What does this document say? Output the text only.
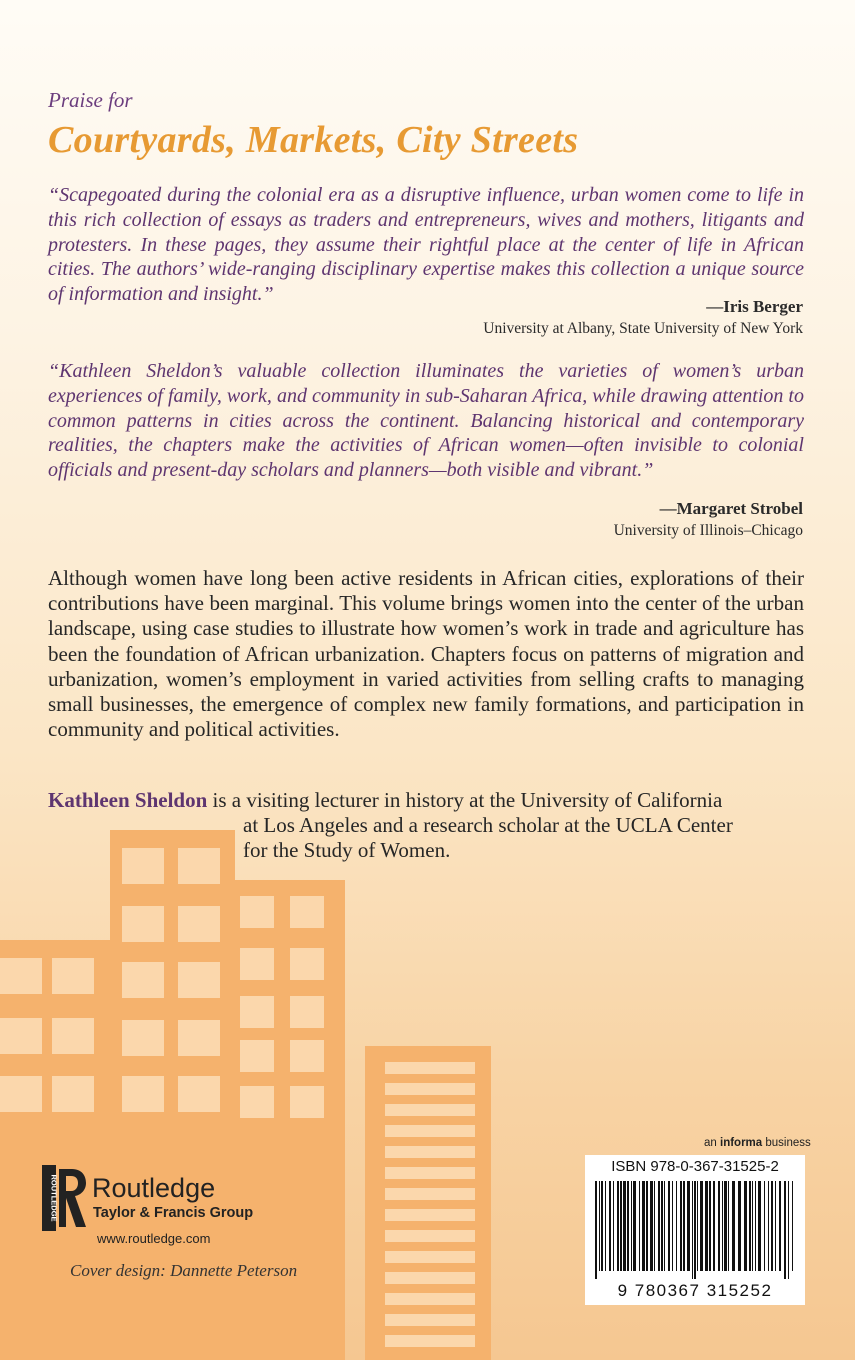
Praise for

Courtyards, Markets, City Streets

“Scapegoated during the colonial era as a disruptive influence, urban women come to life in this rich collection of essays as traders and entrepreneurs, wives and mothers, litigants and protesters. In these pages, they assume their rightful place at the center of life in African cities. The authors’ wide-ranging disciplinary expertise makes this collection a unique source of information and insight.”

—Iris Berger
University at Albany, State University of New York

“Kathleen Sheldon’s valuable collection illuminates the varieties of women’s urban experiences of family, work, and community in sub-Saharan Africa, while drawing attention to common patterns in cities across the continent. Balancing historical and contemporary realities, the chapters make the activities of African women—often invisible to colonial officials and present-day scholars and planners—both visible and vibrant.”

—Margaret Strobel
University of Illinois–Chicago

Although women have long been active residents in African cities, explorations of their contributions have been marginal. This volume brings women into the center of the urban landscape, using case studies to illustrate how women’s work in trade and agriculture has been the foundation of African urbanization. Chapters focus on patterns of migration and urbanization, women’s employment in varied activities from selling crafts to managing small businesses, the emergence of complex new family formations, and participation in community and political activities.

Kathleen Sheldon is a visiting lecturer in history at the University of California
at Los Angeles and a research scholar at the UCLA Center
for the Study of Women.

ROUTLEDGE Routledge

Taylor & Francis Group

www.routledge.com

Cover design: Dannette Peterson

an informa business

ISBN 978-0-367-31525-2

9 780367 315252
